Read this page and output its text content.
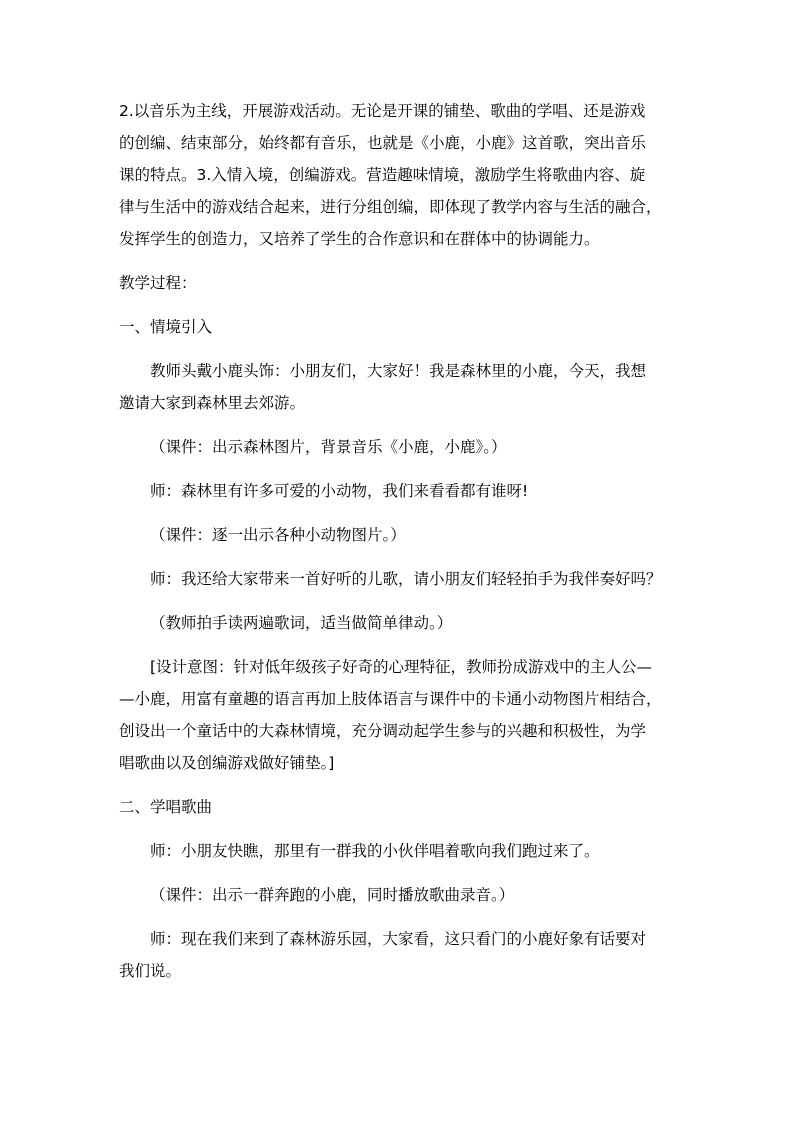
2.以音乐为主线，开展游戏活动。无论是开课的铺垫、歌曲的学唱、还是游戏
的创编、结束部分，始终都有音乐，也就是《小鹿，小鹿》这首歌，突出音乐
课的特点。3.入情入境，创编游戏。营造趣味情境，激励学生将歌曲内容、旋
律与生活中的游戏结合起来，进行分组创编，即体现了教学内容与生活的融合，
发挥学生的创造力，又培养了学生的合作意识和在群体中的协调能力。

教学过程：

一、情境引入

教师头戴小鹿头饰：小朋友们，大家好！我是森林里的小鹿，今天，我想
邀请大家到森林里去郊游。

（课件：出示森林图片，背景音乐《小鹿，小鹿》。）

师：森林里有许多可爱的小动物，我们来看看都有谁呀!

（课件：逐一出示各种小动物图片。）

师：我还给大家带来一首好听的儿歌，请小朋友们轻轻拍手为我伴奏好吗？

（教师拍手读两遍歌词，适当做简单律动。）

[设计意图：针对低年级孩子好奇的心理特征，教师扮成游戏中的主人公—
—小鹿，用富有童趣的语言再加上肢体语言与课件中的卡通小动物图片相结合，
创设出一个童话中的大森林情境，充分调动起学生参与的兴趣和积极性，为学
唱歌曲以及创编游戏做好铺垫。]

二、学唱歌曲

师：小朋友快瞧，那里有一群我的小伙伴唱着歌向我们跑过来了。

（课件：出示一群奔跑的小鹿，同时播放歌曲录音。）

师：现在我们来到了森林游乐园，大家看，这只看门的小鹿好象有话要对
我们说。
